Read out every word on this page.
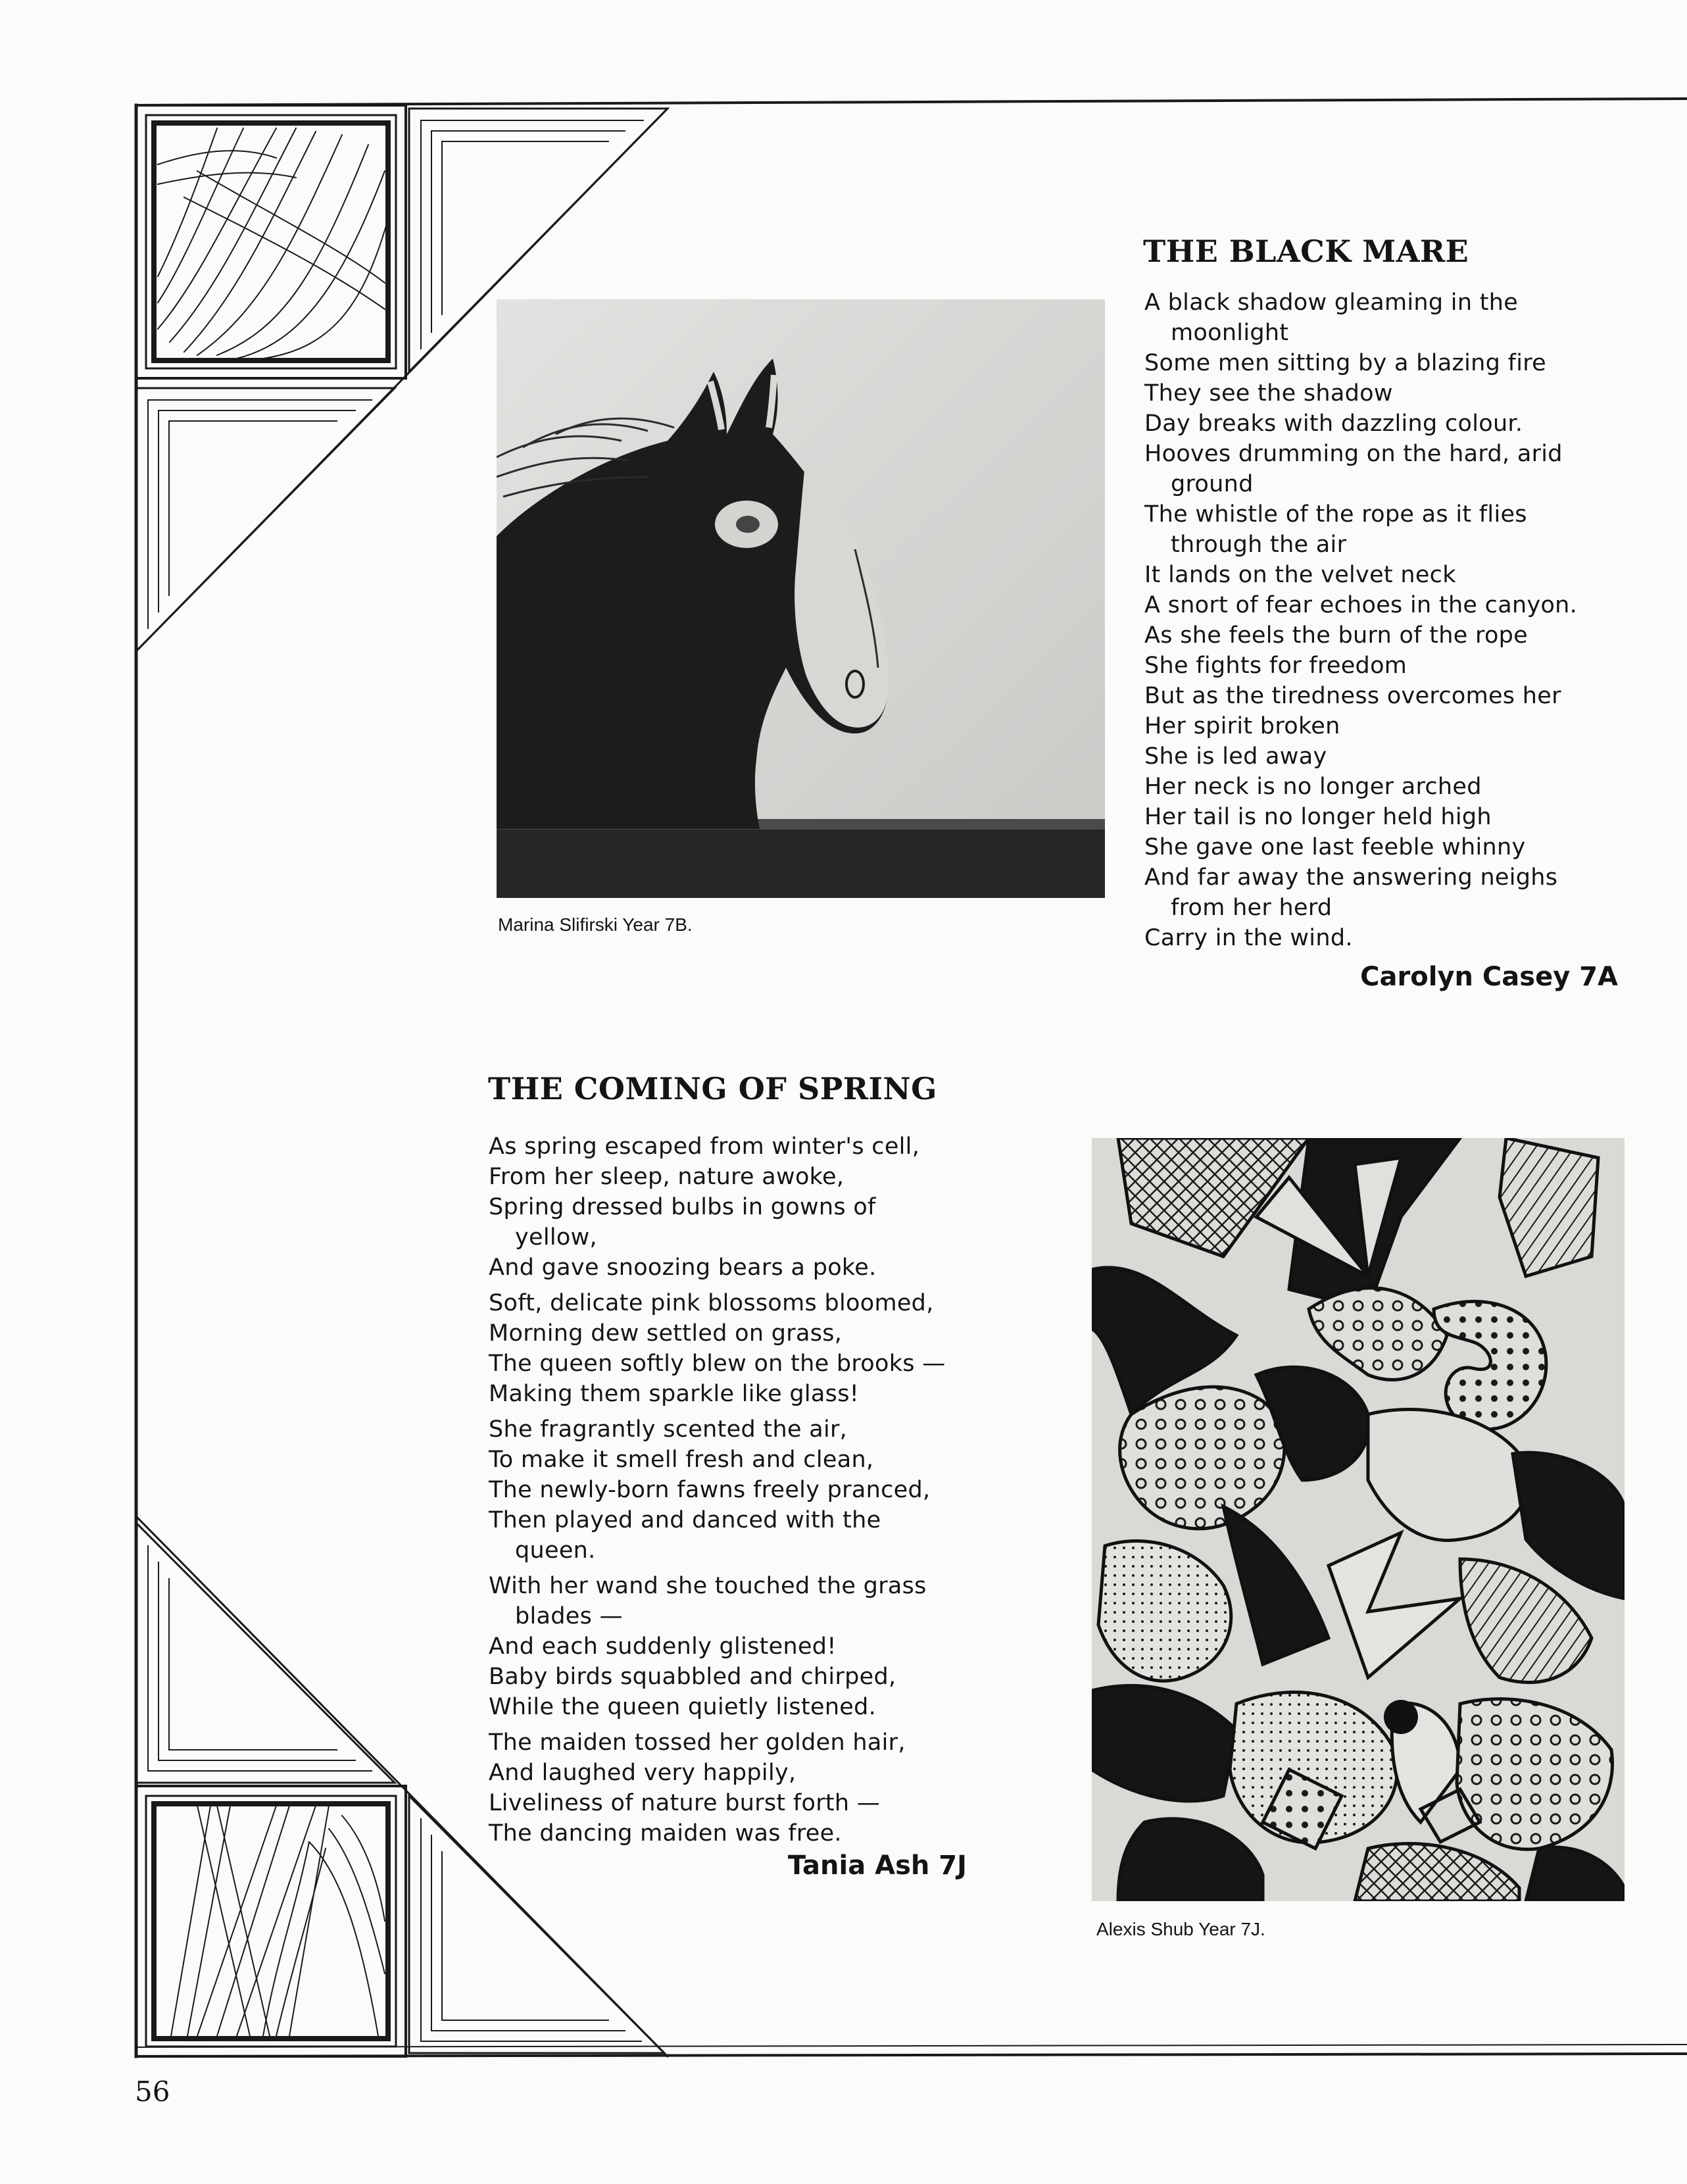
Marina Slifirski Year 7B.

THE BLACK MARE
A black shadow gleaming in the
moonlight
Some men sitting by a blazing fire
They see the shadow
Day breaks with dazzling colour.
Hooves drumming on the hard, arid
ground
The whistle of the rope as it flies
through the air
It lands on the velvet neck
A snort of fear echoes in the canyon.
As she feels the burn of the rope
She fights for freedom
But as the tiredness overcomes her
Her spirit broken
She is led away
Her neck is no longer arched
Her tail is no longer held high
She gave one last feeble whinny
And far away the answering neighs
from her herd
Carry in the wind.

Carolyn Casey 7A

THE COMING OF SPRING
As spring escaped from winter's cell,
From her sleep, nature awoke,
Spring dressed bulbs in gowns of
yellow,
And gave snoozing bears a poke.
Soft, delicate pink blossoms bloomed,
Morning dew settled on grass,
The queen softly blew on the brooks —
Making them sparkle like glass!
She fragrantly scented the air,
To make it smell fresh and clean,
The newly-born fawns freely pranced,
Then played and danced with the
queen.
With her wand she touched the grass
blades —
And each suddenly glistened!
Baby birds squabbled and chirped,
While the queen quietly listened.
The maiden tossed her golden hair,
And laughed very happily,
Liveliness of nature burst forth —
The dancing maiden was free.

Tania Ash 7J

Alexis Shub Year 7J.

56
